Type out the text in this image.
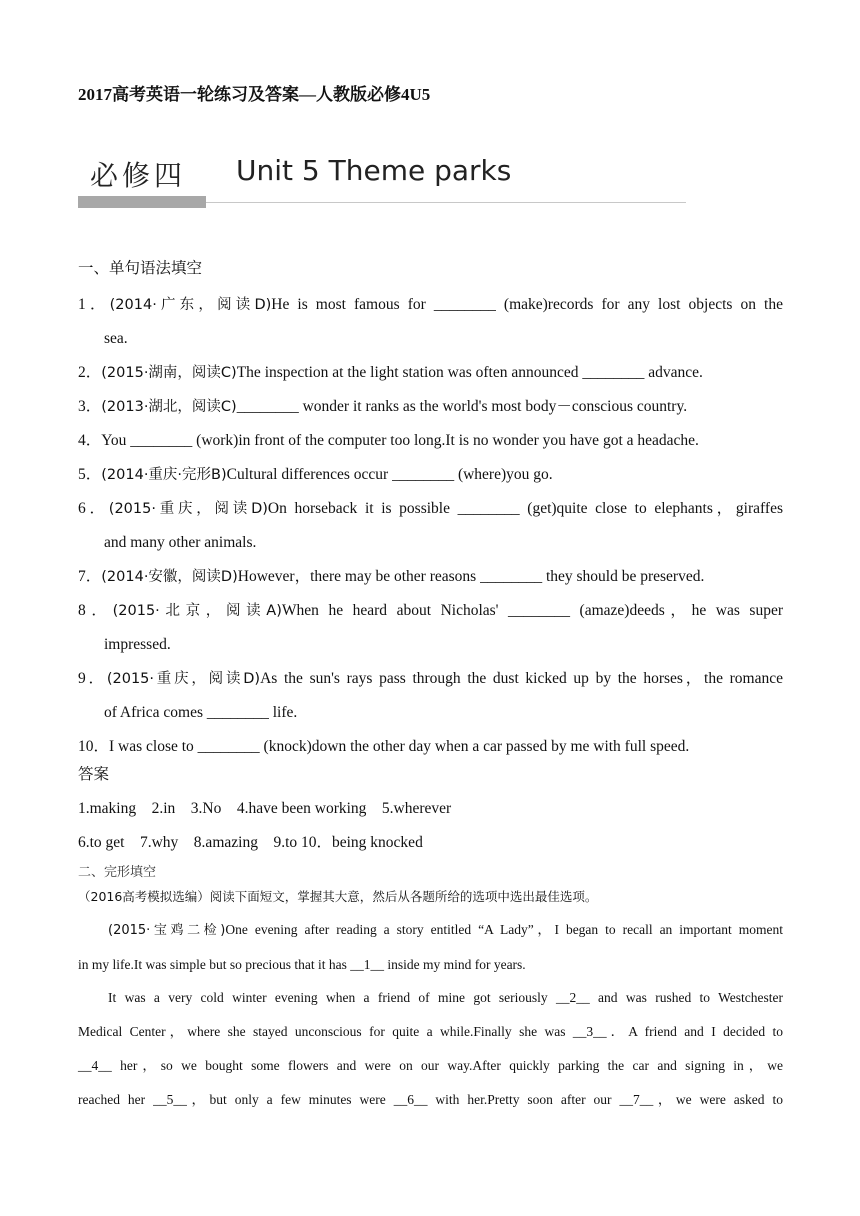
2017高考英语一轮练习及答案—人教版必修4U5
必修四 Unit 5 Theme parks
一、单句语法填空
1．(2014·广东，阅读D)He is most famous for ________ (make)records for any lost objects on the
sea.
2．(2015·湖南，阅读C)The inspection at the light station was often announced ________ advance.
3．(2013·湖北，阅读C)________ wonder it ranks as the world's most body－conscious country.
4．You ________ (work)in front of the computer too long.It is no wonder you have got a headache.
5．(2014·重庆·完形B)Cultural differences occur ________ (where)you go.
6．(2015·重庆，阅读D)On horseback it is possible ________ (get)quite close to elephants，giraffes
and many other animals.
7．(2014·安徽，阅读D)However，there may be other reasons ________ they should be preserved.
8．(2015·北京，阅读A)When he heard about Nicholas' ________ (amaze)deeds，he was super
impressed.
9．(2015·重庆，阅读D)As the sun's rays pass through the dust kicked up by the horses，the romance
of Africa comes ________ life.
10．I was close to ________ (knock)down the other day when a car passed by me with full speed.
答案
1.making　2.in　3.No　4.have been working　5.wherever
6.to get　7.why　8.amazing　9.to 10．being knocked
二、完形填空
（2016高考模拟选编）阅读下面短文，掌握其大意，然后从各题所给的选项中选出最佳选项。
(2015·宝鸡二检)One evening after reading a story entitled “A Lady”，I began to recall an important moment
in my life.It was simple but so precious that it has __1__ inside my mind for years.
It was a very cold winter evening when a friend of mine got seriously __2__ and was rushed to Westchester
Medical Center，where she stayed unconscious for quite a while.Finally she was __3__．A friend and I decided to
__4__ her，so we bought some flowers and were on our way.After quickly parking the car and signing in，we
reached her __5__，but only a few minutes were __6__ with her.Pretty soon after our __7__，we were asked to
